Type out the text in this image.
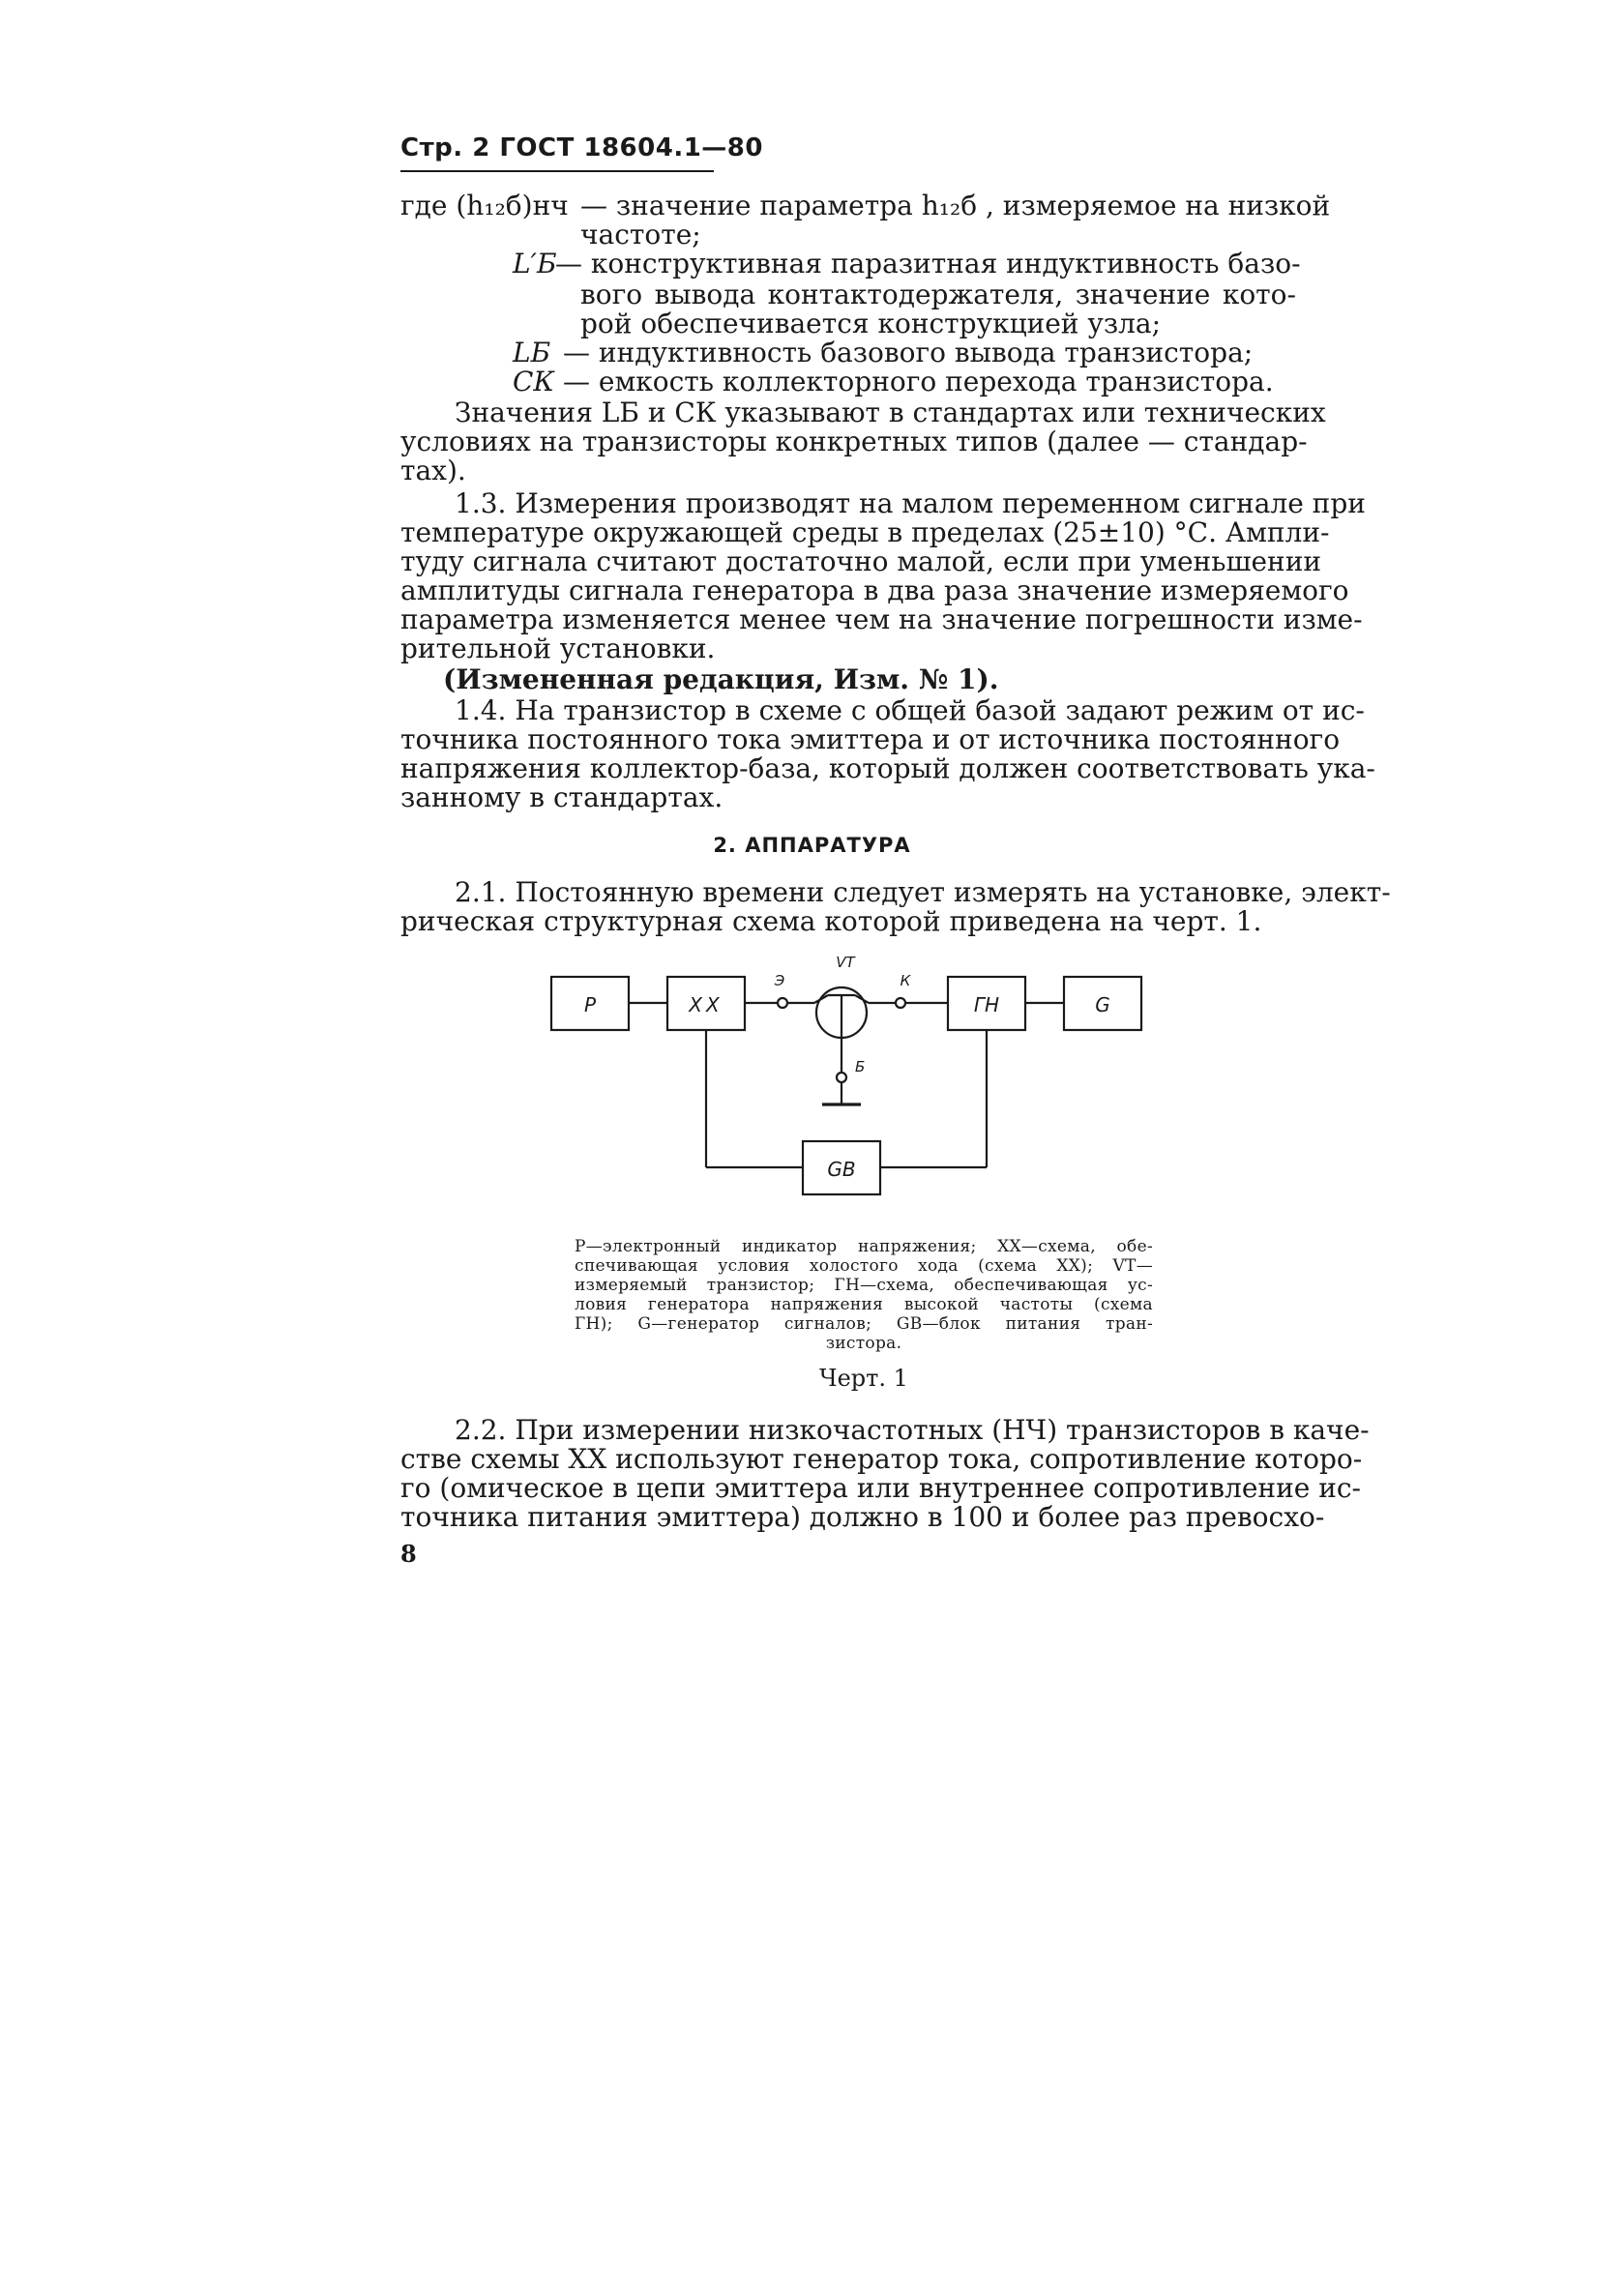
Стр. 2 ГОСТ 18604.1—80
где (h₁₂б)нч — значение параметра h₁₂б , измеряемое на низкой
частоте;
L′Б
— конструктивная паразитная индуктивность базо-
вого вывода контактодержателя, значение кото-
рой обеспечивается конструкцией узла;
LБ — индуктивность базового вывода транзистора;
CК — емкость коллекторного перехода транзистора.
Значения LБ и CК указывают в стандартах или технических
условиях на транзисторы конкретных типов (далее — стандар-
тах).
1.3. Измерения производят на малом переменном сигнале при
температуре окружающей среды в пределах (25±10) °С. Ампли-
туду сигнала считают достаточно малой, если при уменьшении
амплитуды сигнала генератора в два раза значение измеряемого
параметра изменяется менее чем на значение погрешности изме-
рительной установки.
(Измененная редакция, Изм. № 1).
1.4. На транзистор в схеме с общей базой задают режим от ис-
точника постоянного тока эмиттера и от источника постоянного
напряжения коллектор-база, который должен соответствовать ука-
занному в стандартах.
2. АППАРАТУРА
2.1. Постоянную времени следует измерять на установке, элект-
рическая структурная схема которой приведена на черт. 1.
P	XX	ГН	G
GB
Э
VT
К
Б
P—электронный индикатор напряжения; XX—схема, обе-
спечивающая условия холостого хода (схема XX); VT—
измеряемый транзистор; ГН—схема, обеспечивающая ус-
ловия генератора напряжения высокой частоты (схема
ГН); G—генератор сигналов; GB—блок питания тран-
зистора.
Черт. 1
2.2. При измерении низкочастотных (НЧ) транзисторов в каче-
стве схемы XX используют генератор тока, сопротивление которо-
го (омическое в цепи эмиттера или внутреннее сопротивление ис-
точника питания эмиттера) должно в 100 и более раз превосхо-
8
